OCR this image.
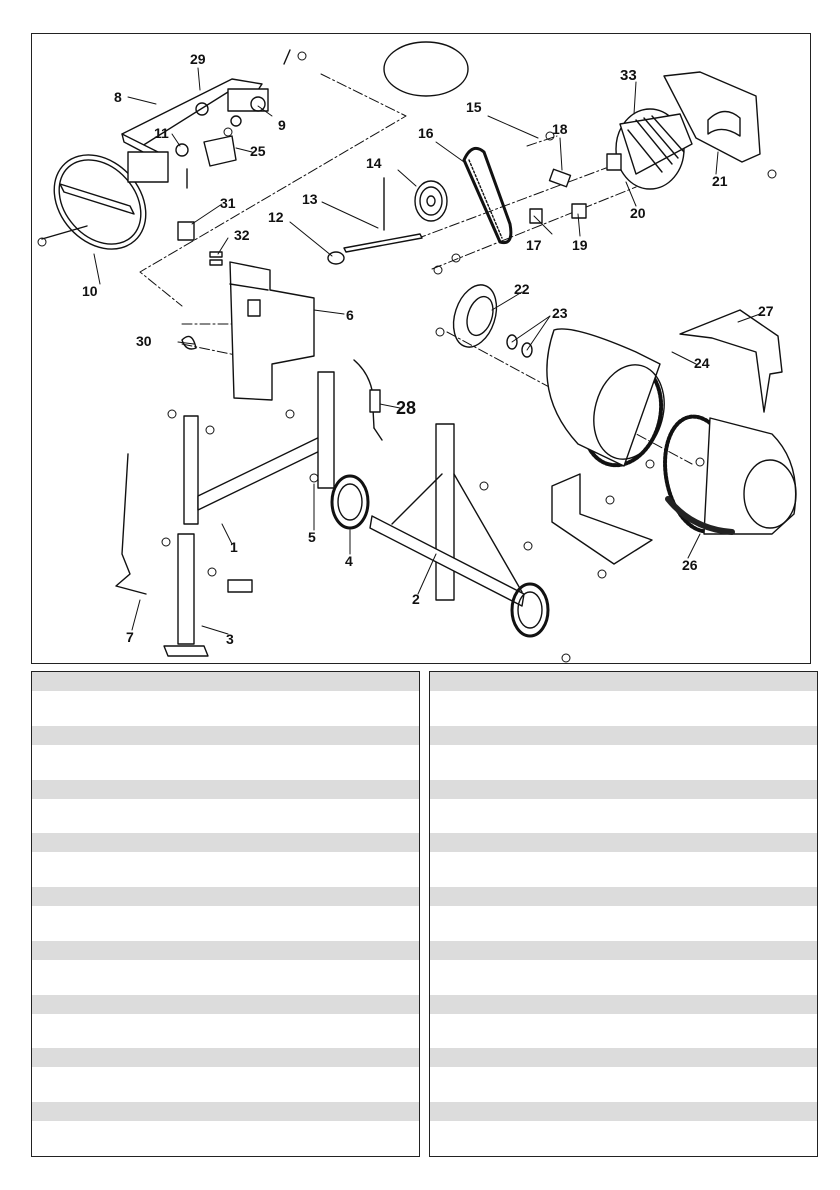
1
2
3
4
5
6
7
8
9
10
11
12
13
14
15
16
17
18
19
20
21
22
23
24
25
26
27
28
29
30
31
32
33
